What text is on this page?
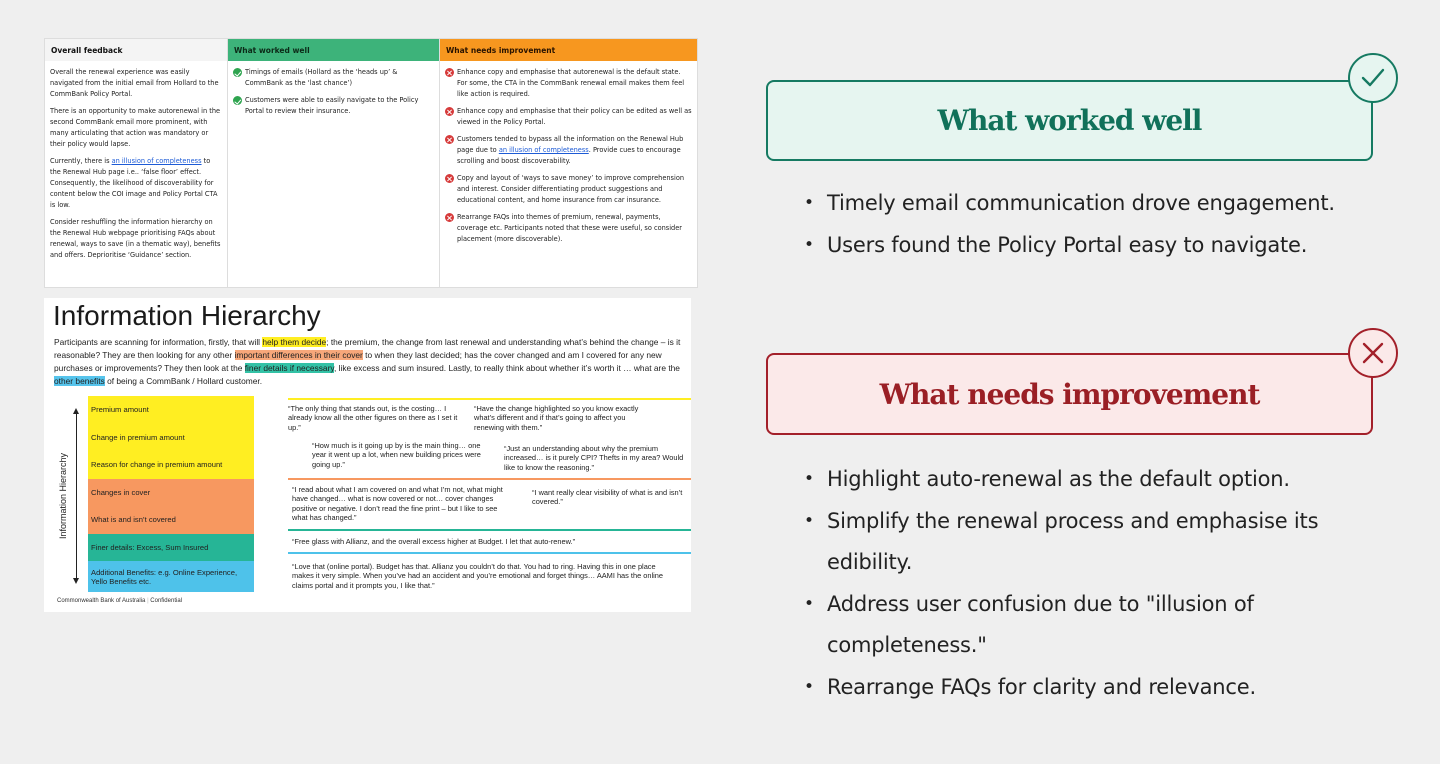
Overall feedback

Overall the renewal experience was easily navigated from the initial email from Hollard to the CommBank Policy Portal.

There is an opportunity to make autorenewal in the second CommBank email more prominent, with many articulating that action was mandatory or their policy would lapse.

Currently, there is an illusion of completeness to the Renewal Hub page i.e.. ‘false floor’ effect. Consequently, the likelihood of discoverability for content below the COI image and Policy Portal CTA is low.

Consider reshuffling the information hierarchy on the Renewal Hub webpage prioritising FAQs about renewal, ways to save (in a thematic way), benefits and offers. Deprioritise ‘Guidance’ section.

What worked well
Timings of emails (Hollard as the ‘heads up’ & CommBank as the ‘last chance’)
Customers were able to easily navigate to the Policy Portal to review their insurance.
What needs improvement
Enhance copy and emphasise that autorenewal is the default state. For some, the CTA in the CommBank renewal email makes them feel like action is required.
Enhance copy and emphasise that their policy can be edited as well as viewed in the Policy Portal.
Customers tended to bypass all the information on the Renewal Hub page due to an illusion of completeness. Provide cues to encourage scrolling and boost discoverability.
Copy and layout of ‘ways to save money’ to improve comprehension and interest. Consider differentiating product suggestions and educational content, and home insurance from car insurance.
Rearrange FAQs into themes of premium, renewal, payments, coverage etc. Participants noted that these were useful, so consider placement (more discoverable).
Information Hierarchy
Participants are scanning for information, firstly, that will help them decide; the premium, the change from last renewal and understanding what’s behind the change – is it reasonable? They are then looking for any other important differences in their cover to when they last decided; has the cover changed and am I covered for any new purchases or improvements? They then look at the finer details if necessary, like excess and sum insured. Lastly, to really think about whether it’s worth it … what are the other benefits of being a CommBank / Hollard customer.
Information Hierarchy
Premium amount
Change in premium amount
Reason for change in premium amount
Changes in cover
What is and isn’t covered
Finer details: Excess, Sum Insured
Additional Benefits: e.g. Online Experience, Yello Benefits etc.
“The only thing that stands out, is the costing… I already know all the other figures on there as I set it up.”
“Have the change highlighted so you know exactly what’s different and if that’s going to affect you renewing with them.”
“How much is it going up by is the main thing… one year it went up a lot, when new building prices were going up.”
“Just an understanding about why the premium increased… is it purely CPI? Thefts in my area? Would like to know the reasoning.”
“I read about what I am covered on and what I’m not, what might have changed… what is now covered or not… cover changes positive or negative. I don’t read the fine print – but I like to see what has changed.”
“I want really clear visibility of what is and isn’t covered.”
“Free glass with Allianz, and the overall excess higher at Budget. I let that auto-renew.”
“Love that (online portal). Budget has that. Allianz you couldn’t do that. You had to ring. Having this in one place makes it very simple. When you’ve had an accident and you’re emotional and forget things… AAMI has the online claims portal and it prompts you, I like that.”
Commonwealth Bank of Australia | Confidential
What worked well
• Timely email communication drove engagement.
• Users found the Policy Portal easy to navigate.
What needs improvement
• Highlight auto-renewal as the default option.
• Simplify the renewal process and emphasise its edibility.
• Address user confusion due to "illusion of completeness."
• Rearrange FAQs for clarity and relevance.
